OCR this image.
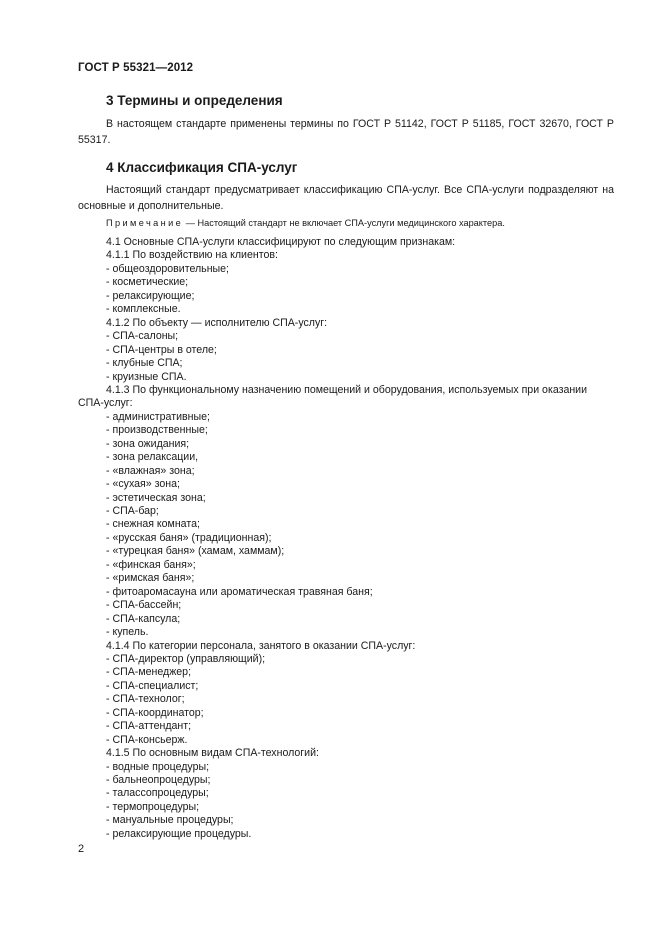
ГОСТ Р 55321—2012
3 Термины и определения
В настоящем стандарте применены термины по ГОСТ Р 51142, ГОСТ Р 51185, ГОСТ 32670, ГОСТ Р 55317.
4 Классификация СПА-услуг
Настоящий стандарт предусматривает классификацию СПА-услуг. Все СПА-услуги подразделяют на основные и дополнительные.
Примечание — Настоящий стандарт не включает СПА-услуги медицинского характера.
4.1 Основные СПА-услуги классифицируют по следующим признакам:
4.1.1 По воздействию на клиентов:
- общеоздоровительные;
- косметические;
- релаксирующие;
- комплексные.
4.1.2 По объекту — исполнителю СПА-услуг:
- СПА-салоны;
- СПА-центры в отеле;
- клубные СПА;
- круизные СПА.
4.1.3 По функциональному назначению помещений и оборудования, используемых при оказании
СПА-услуг:
- административные;
- производственные;
- зона ожидания;
- зона релаксации,
- «влажная» зона;
- «сухая» зона;
- эстетическая зона;
- СПА-бар;
- снежная комната;
- «русская баня» (традиционная);
- «турецкая баня» (хамам, хаммам);
- «финская баня»;
- «римская баня»;
- фитоаромасауна или ароматическая травяная баня;
- СПА-бассейн;
- СПА-капсула;
- купель.
4.1.4 По категории персонала, занятого в оказании СПА-услуг:
- СПА-директор (управляющий);
- СПА-менеджер;
- СПА-специалист;
- СПА-технолог;
- СПА-координатор;
- СПА-аттендант;
- СПА-консьерж.
4.1.5 По основным видам СПА-технологий:
- водные процедуры;
- бальнеопроцедуры;
- талассопроцедуры;
- термопроцедуры;
- мануальные процедуры;
- релаксирующие процедуры.
2
